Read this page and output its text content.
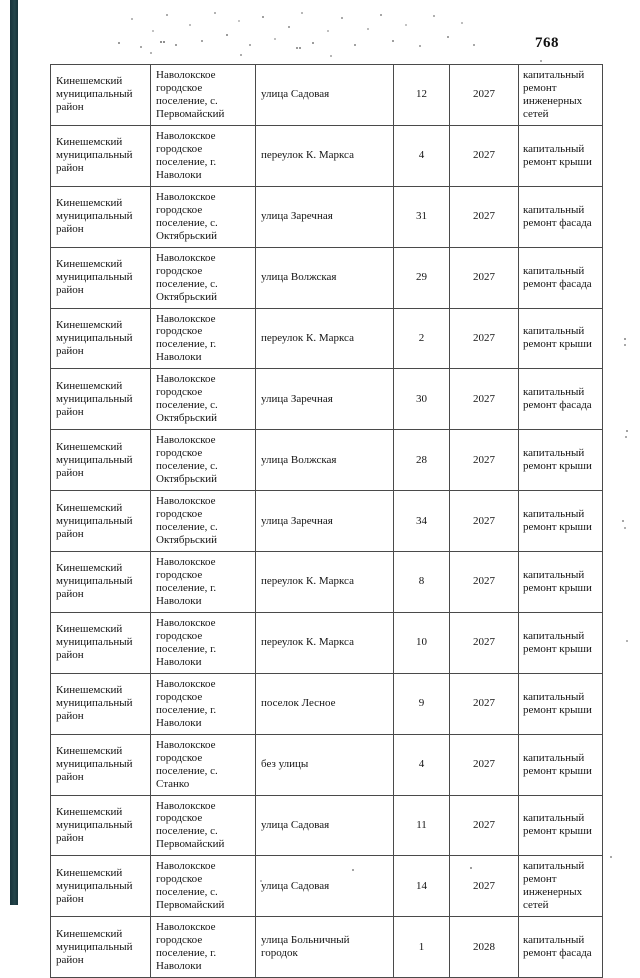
768
Кинешемский муниципальный район	Наволокское городское поселение, с. Первомайский	улица Садовая	12	2027	капитальный ремонт инженерных сетей
Кинешемский муниципальный район	Наволокское городское поселение, г. Наволоки	переулок К. Маркса	4	2027	капитальный ремонт крыши
Кинешемский муниципальный район	Наволокское городское поселение, с. Октябрьский	улица Заречная	31	2027	капитальный ремонт фасада
Кинешемский муниципальный район	Наволокское городское поселение, с. Октябрьский	улица Волжская	29	2027	капитальный ремонт фасада
Кинешемский муниципальный район	Наволокское городское поселение, г. Наволоки	переулок К. Маркса	2	2027	капитальный ремонт крыши
Кинешемский муниципальный район	Наволокское городское поселение, с. Октябрьский	улица Заречная	30	2027	капитальный ремонт фасада
Кинешемский муниципальный район	Наволокское городское поселение, с. Октябрьский	улица Волжская	28	2027	капитальный ремонт крыши
Кинешемский муниципальный район	Наволокское городское поселение, с. Октябрьский	улица Заречная	34	2027	капитальный ремонт крыши
Кинешемский муниципальный район	Наволокское городское поселение, г. Наволоки	переулок К. Маркса	8	2027	капитальный ремонт крыши
Кинешемский муниципальный район	Наволокское городское поселение, г. Наволоки	переулок К. Маркса	10	2027	капитальный ремонт крыши
Кинешемский муниципальный район	Наволокское городское поселение, г. Наволоки	поселок Лесное	9	2027	капитальный ремонт крыши
Кинешемский муниципальный район	Наволокское городское поселение, с. Станко	без улицы	4	2027	капитальный ремонт крыши
Кинешемский муниципальный район	Наволокское городское поселение, с. Первомайский	улица Садовая	11	2027	капитальный ремонт крыши
Кинешемский муниципальный район	Наволокское городское поселение, с. Первомайский	улица Садовая	14	2027	капитальный ремонт инженерных сетей
Кинешемский муниципальный район	Наволокское городское поселение, г. Наволоки	улица Больничный городок	1	2028	капитальный ремонт фасада
